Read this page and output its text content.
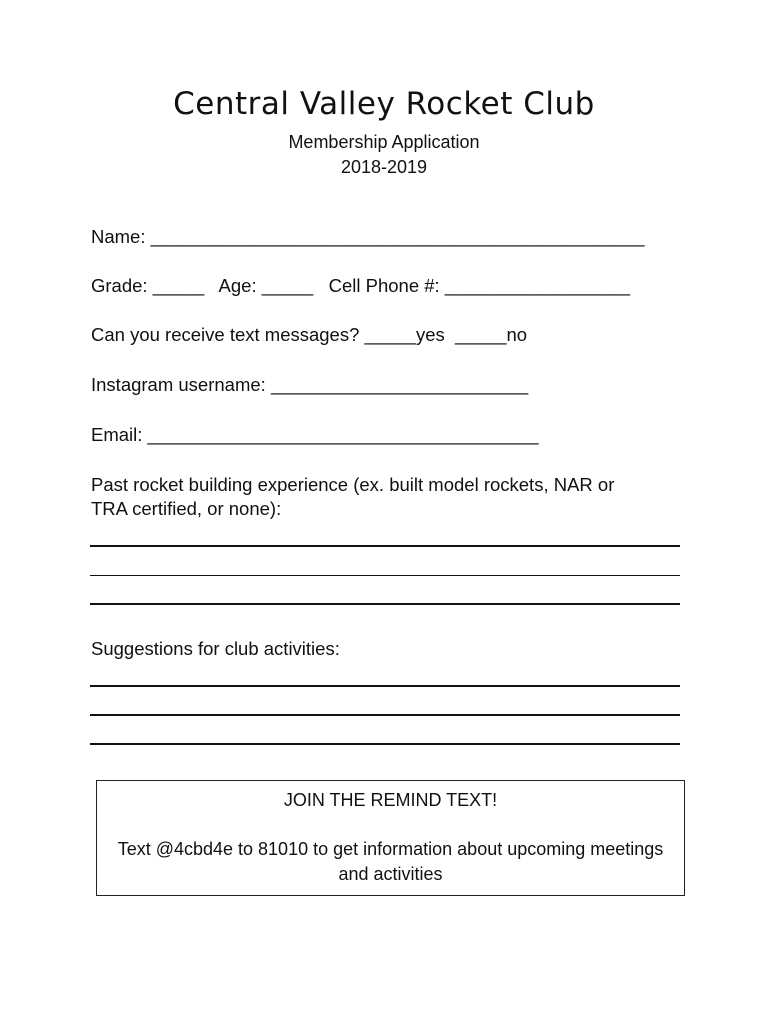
Central Valley Rocket Club
Membership Application
2018-2019
Name: ________________________________________________
Grade: _____   Age: _____   Cell Phone #: __________________
Can you receive text messages? _____yes  _____no
Instagram username: _________________________
Email: ______________________________________
Past rocket building experience (ex. built model rockets, NAR or
TRA certified, or none):
Suggestions for club activities:
JOIN THE REMIND TEXT!
Text @4cbd4e to 81010 to get information about upcoming meetings and activities
